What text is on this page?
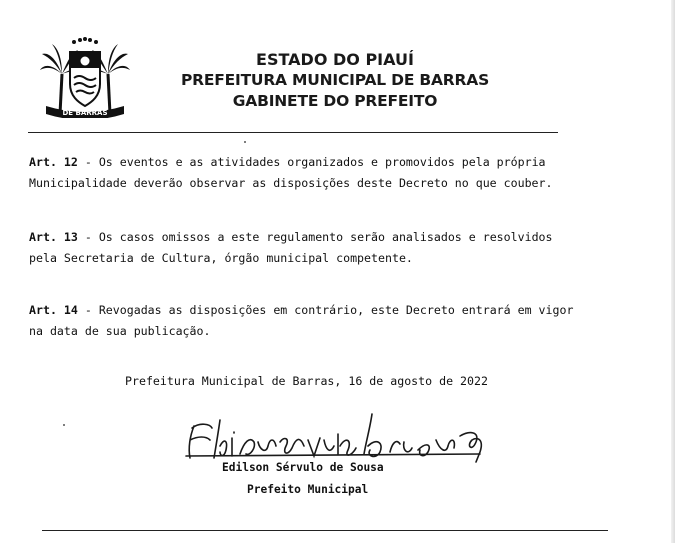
DE BARRAS
ESTADO DO PIAUÍ
PREFEITURA MUNICIPAL DE BARRAS
GABINETE DO PREFEITO
Art. 12 - Os eventos e as atividades organizados e promovidos pela própria
Municipalidade deverão observar as disposições deste Decreto no que couber.
Art. 13 - Os casos omissos a este regulamento serão analisados e resolvidos
pela Secretaria de Cultura, órgão municipal competente.
Art. 14 - Revogadas as disposições em contrário, este Decreto entrará em vigor
na data de sua publicação.
Prefeitura Municipal de Barras, 16 de agosto de 2022
Edilson Sérvulo de Sousa
Prefeito Municipal
